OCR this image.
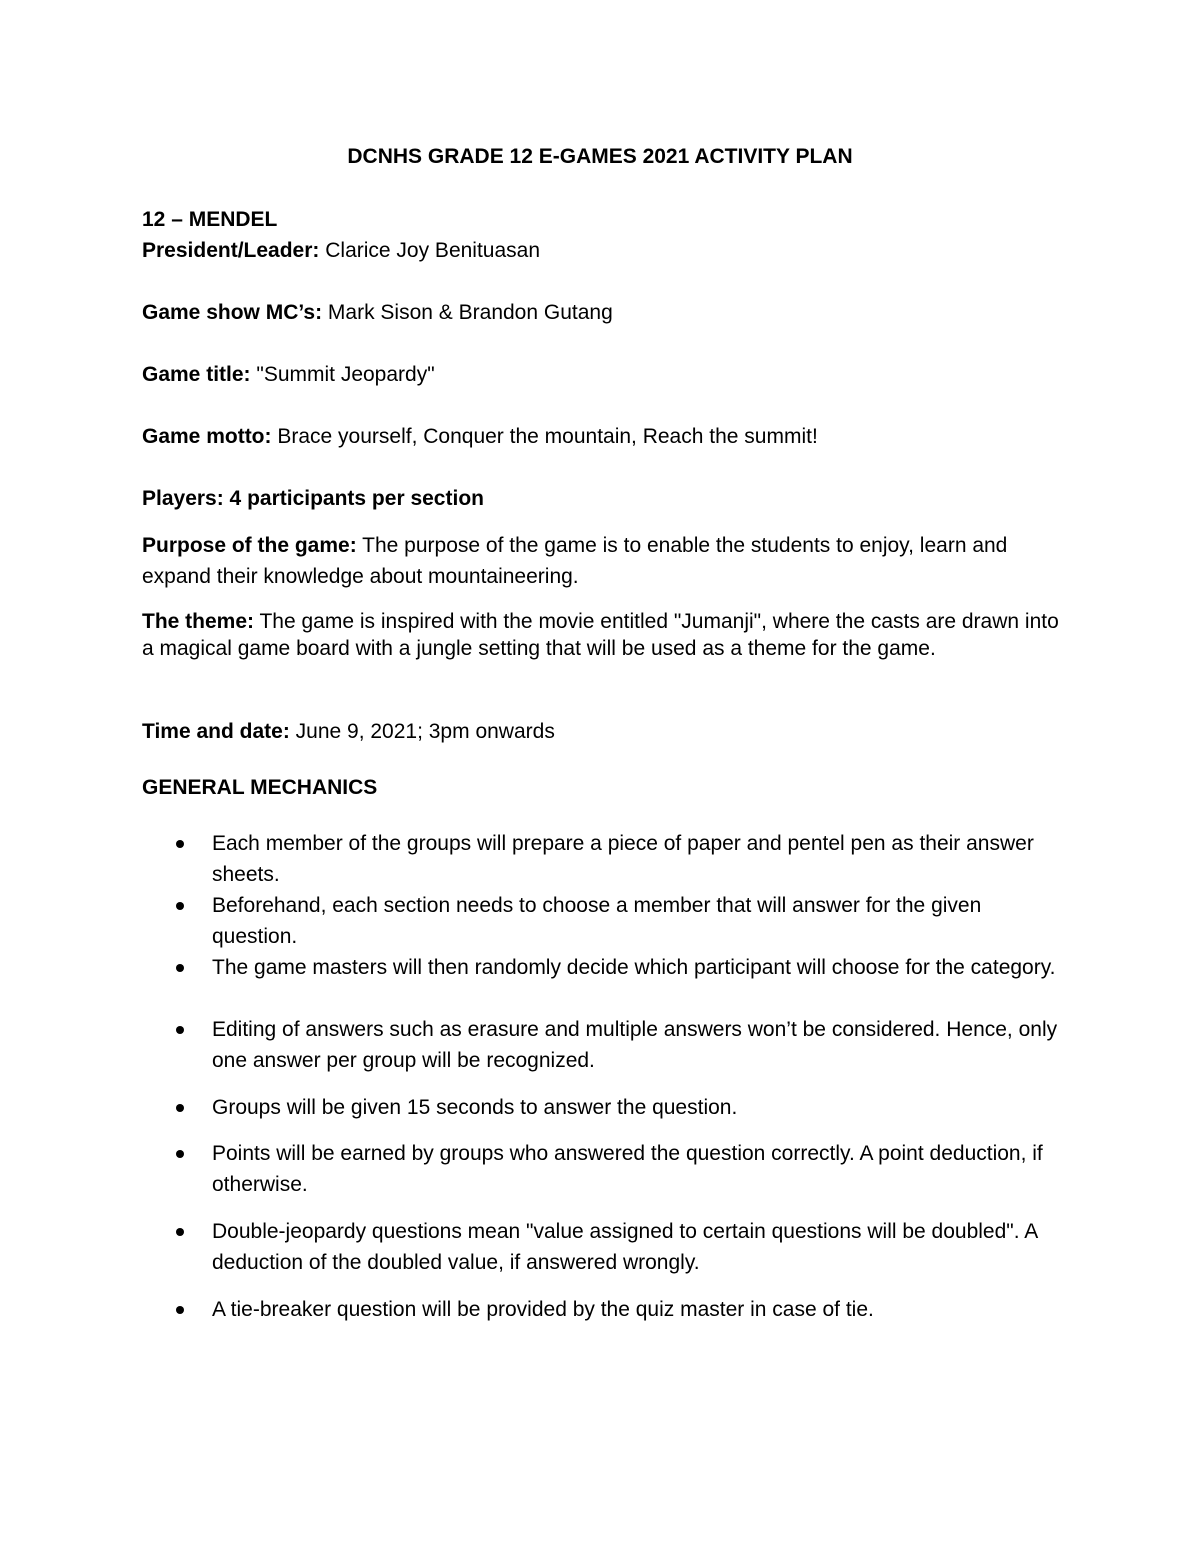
DCNHS GRADE 12 E-GAMES 2021 ACTIVITY PLAN
12 – MENDEL
President/Leader: Clarice Joy Benituasan
Game show MC’s: Mark Sison & Brandon Gutang
Game title: "Summit Jeopardy"
Game motto: Brace yourself, Conquer the mountain, Reach the summit!
Players: 4 participants per section
Purpose of the game: The purpose of the game is to enable the students to enjoy, learn and expand their knowledge about mountaineering.
The theme: The game is inspired with the movie entitled "Jumanji", where the casts are drawn into a magical game board with a jungle setting that will be used as a theme for the game.
Time and date: June 9, 2021; 3pm onwards
GENERAL MECHANICS
Each member of the groups will prepare a piece of paper and pentel pen as their answer sheets.
Beforehand, each section needs to choose a member that will answer for the given question.
The game masters will then randomly decide which participant will choose for the category.
Editing of answers such as erasure and multiple answers won’t be considered. Hence, only one answer per group will be recognized.
Groups will be given 15 seconds to answer the question.
Points will be earned by groups who answered the question correctly. A point deduction, if otherwise.
Double-jeopardy questions mean "value assigned to certain questions will be doubled". A deduction of the doubled value, if answered wrongly.
A tie-breaker question will be provided by the quiz master in case of tie.
